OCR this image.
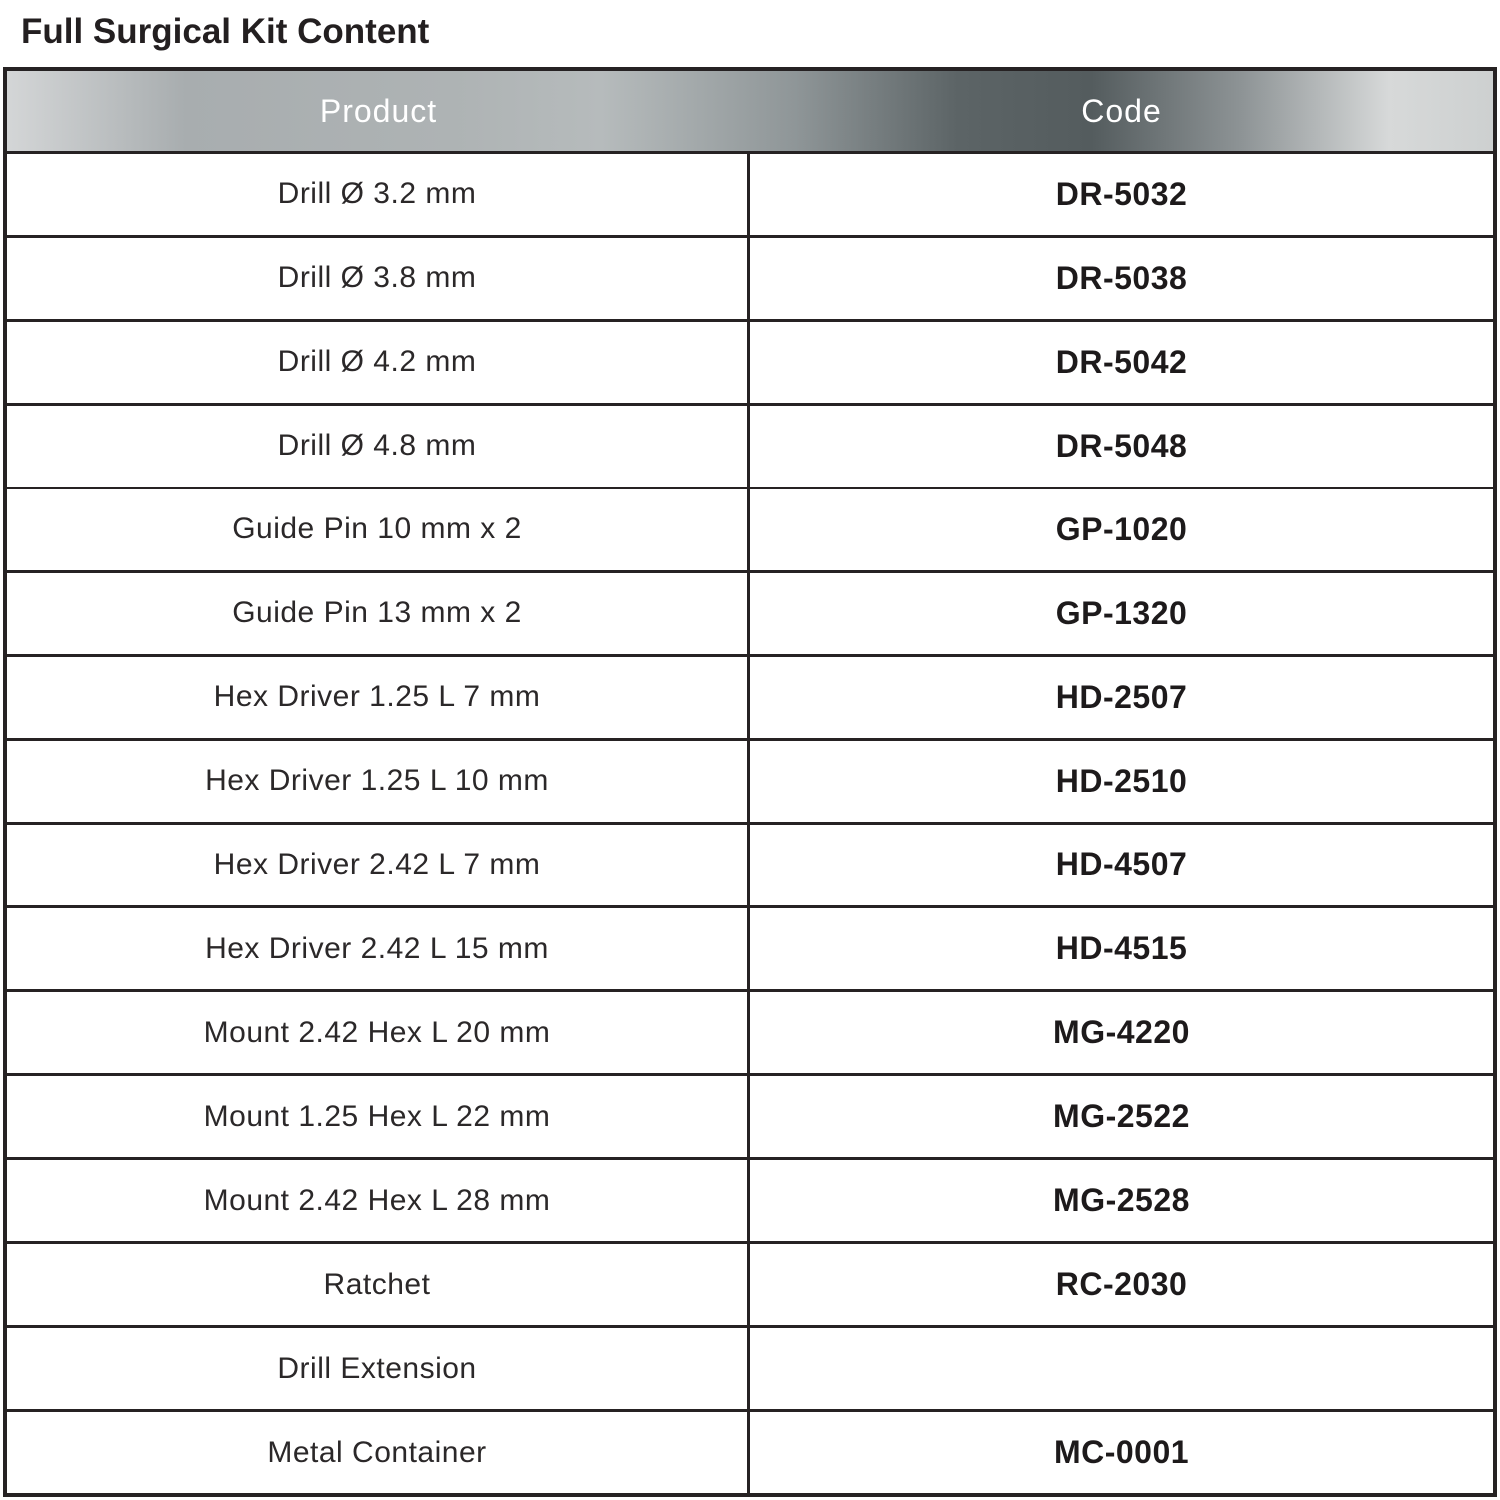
Full Surgical Kit Content
Product	Code
Drill Ø 3.2 mm	DR-5032
Drill Ø 3.8 mm	DR-5038
Drill Ø 4.2 mm	DR-5042
Drill Ø 4.8 mm	DR-5048
Guide Pin 10 mm x 2	GP-1020
Guide Pin 13 mm x 2	GP-1320
Hex Driver 1.25 L 7 mm	HD-2507
Hex Driver 1.25 L 10 mm	HD-2510
Hex Driver 2.42 L 7 mm	HD-4507
Hex Driver 2.42 L 15 mm	HD-4515
Mount 2.42 Hex L 20 mm	MG-4220
Mount 1.25 Hex L 22 mm	MG-2522
Mount 2.42 Hex L 28 mm	MG-2528
Ratchet	RC-2030
Drill Extension
Metal Container	MC-0001
